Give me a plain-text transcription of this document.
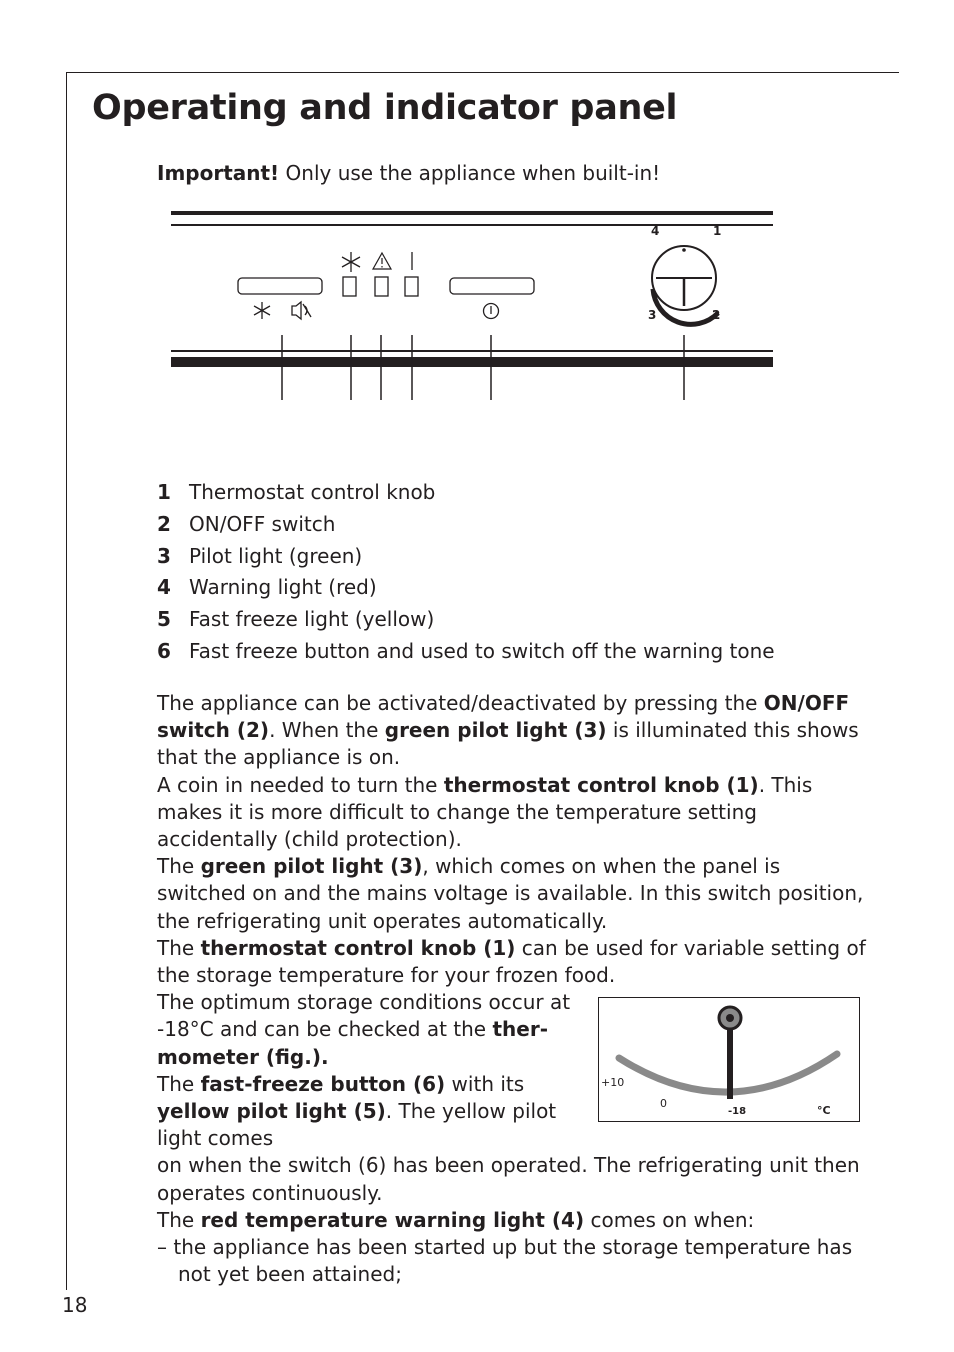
Operating and indicator panel

Important! Only use the appliance when built-in!

4	1
3	2
1 Thermostat control knob
2 ON/OFF switch
3 Pilot light (green)
4 Warning light (red)
5 Fast freeze light (yellow)
6 Fast freeze button and used to switch off the warning tone

The appliance can be activated/deactivated by pressing the ON/OFF switch (2). When the green pilot light (3) is illuminated this shows that the appliance is on.

A coin in needed to turn the thermostat control knob (1). This makes it is more difficult to change the temperature setting accidentally (child protection).

The green pilot light (3), which comes on when the panel is switched on and the mains voltage is available. In this switch position, the refrigerating unit operates automatically.

The thermostat control knob (1) can be used for variable setting of the storage temperature for your frozen food.

The optimum storage conditions occur at -18°C and can be checked at the thermometer (fig.).

The fast-freeze button (6) with its yellow pilot light (5). The yellow pilot light comes

on when the switch (6) has been operated. The refrigerating unit then operates continuously.

The red temperature warning light (4) comes on when:

– the appliance has been started up but the storage temperature has not yet been attained;

+10
0
-18	°C
18
